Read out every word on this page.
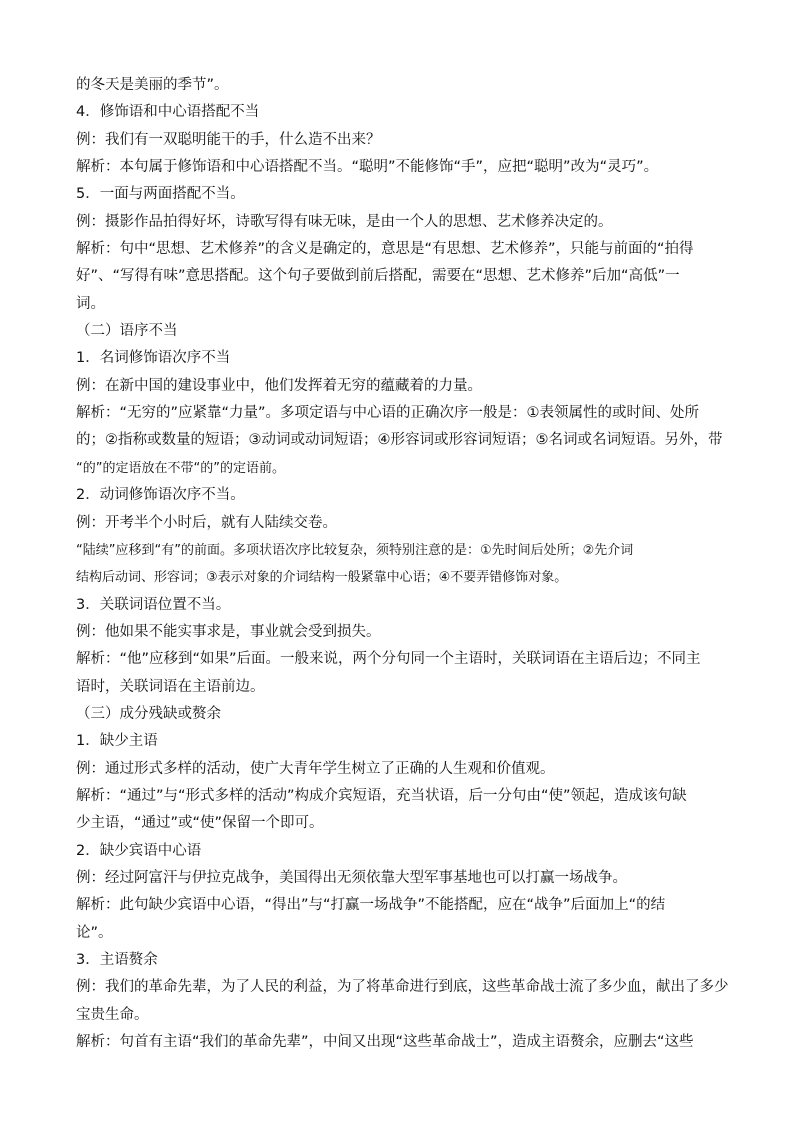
的冬天是美丽的季节”。
4．修饰语和中心语搭配不当
例：我们有一双聪明能干的手，什么造不出来？
解析：本句属于修饰语和中心语搭配不当。“聪明”不能修饰“手”，应把“聪明”改为“灵巧”。
5．一面与两面搭配不当。
例：摄影作品拍得好坏，诗歌写得有味无味，是由一个人的思想、艺术修养决定的。
解析：句中“思想、艺术修养”的含义是确定的，意思是“有思想、艺术修养”，只能与前面的“拍得
好”、“写得有味”意思搭配。这个句子要做到前后搭配，需要在“思想、艺术修养”后加“高低”一
词。
（二）语序不当
1．名词修饰语次序不当
例：在新中国的建设事业中，他们发挥着无穷的蕴藏着的力量。
解析：“无穷的”应紧靠“力量”。多项定语与中心语的正确次序一般是：①表领属性的或时间、处所
的；②指称或数量的短语；③动词或动词短语；④形容词或形容词短语；⑤名词或名词短语。另外，带
“的”的定语放在不带“的”的定语前。
2．动词修饰语次序不当。
例：开考半个小时后，就有人陆续交卷。
“陆续”应移到“有”的前面。多项状语次序比较复杂，须特别注意的是：①先时间后处所；②先介词
结构后动词、形容词；③表示对象的介词结构一般紧靠中心语；④不要弄错修饰对象。
3．关联词语位置不当。
例：他如果不能实事求是，事业就会受到损失。
解析：“他”应移到“如果”后面。一般来说，两个分句同一个主语时，关联词语在主语后边；不同主
语时，关联词语在主语前边。
（三）成分残缺或赘余
1．缺少主语
例：通过形式多样的活动，使广大青年学生树立了正确的人生观和价值观。
解析：“通过”与“形式多样的活动”构成介宾短语，充当状语，后一分句由“使”领起，造成该句缺
少主语，“通过”或“使”保留一个即可。
2．缺少宾语中心语
例：经过阿富汗与伊拉克战争，美国得出无须依靠大型军事基地也可以打赢一场战争。
解析：此句缺少宾语中心语，“得出”与“打赢一场战争”不能搭配，应在“战争”后面加上“的结
论”。
3．主语赘余
例：我们的革命先辈，为了人民的利益，为了将革命进行到底，这些革命战士流了多少血，献出了多少
宝贵生命。
解析：句首有主语“我们的革命先辈”，中间又出现“这些革命战士”，造成主语赘余，应删去“这些
